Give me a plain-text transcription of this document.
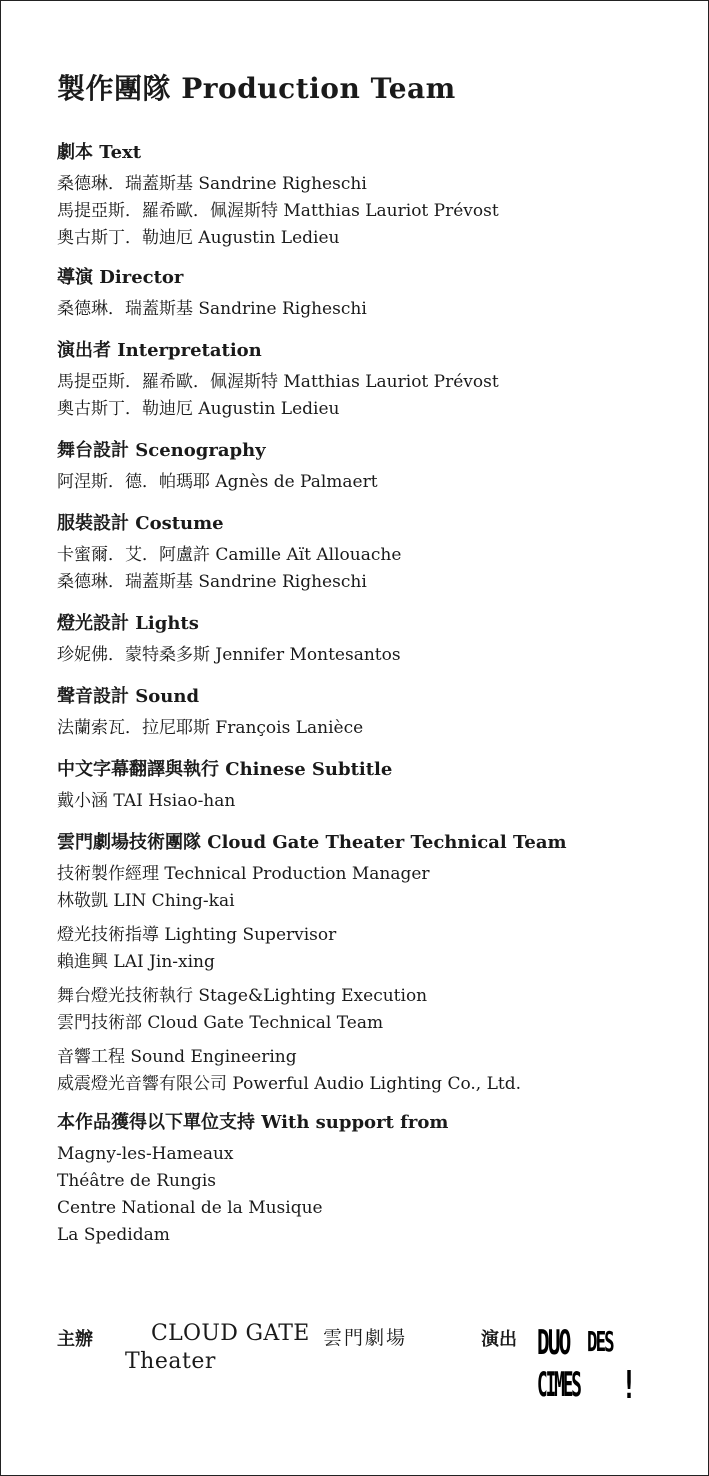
製作團隊 Production Team
劇本 Text
桑德琳．瑞蓋斯基 Sandrine Righeschi
馬提亞斯．羅希歐．佩渥斯特 Matthias Lauriot Prévost
奧古斯丁．勒迪厄 Augustin Ledieu
導演 Director
桑德琳．瑞蓋斯基 Sandrine Righeschi
演出者 Interpretation
馬提亞斯．羅希歐．佩渥斯特 Matthias Lauriot Prévost
奧古斯丁．勒迪厄 Augustin Ledieu
舞台設計 Scenography
阿涅斯．德．帕瑪耶 Agnès de Palmaert
服裝設計 Costume
卡蜜爾．艾．阿盧許 Camille Aït Allouache
桑德琳．瑞蓋斯基 Sandrine Righeschi
燈光設計 Lights
珍妮佛．蒙特桑多斯 Jennifer Montesantos
聲音設計 Sound
法蘭索瓦．拉尼耶斯 François Lanièce
中文字幕翻譯與執行 Chinese Subtitle
戴小涵 TAI Hsiao-han
雲門劇場技術團隊 Cloud Gate Theater Technical Team
技術製作經理 Technical Production Manager
林敬凱 LIN Ching-kai
燈光技術指導 Lighting Supervisor
賴進興 LAI Jin-xing
舞台燈光技術執行 Stage&Lighting Execution
雲門技術部 Cloud Gate Technical Team
音響工程 Sound Engineering
威震燈光音響有限公司 Powerful Audio Lighting Co., Ltd.
本作品獲得以下單位支持 With support from
Magny-les-Hameaux
Théâtre de Rungis
Centre National de la Musique
La Spedidam
主辦	CLOUD GATE 雲門劇場
Theater
演出 DUO DES
CIMES !
